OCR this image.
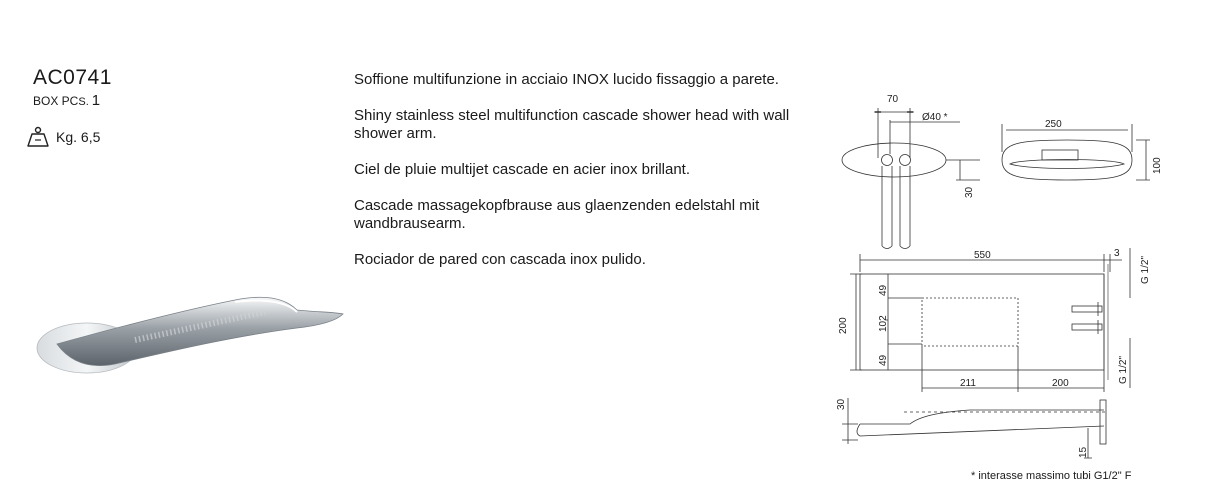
AC0741
BOX PCS. 1
Kg. 6,5

Soffione multifunzione in acciaio INOX lucido fissaggio a parete.

Shiny stainless steel multifunction cascade shower head with wall shower arm.

Ciel de pluie multijet cascade en acier inox brillant.

Cascade massagekopfbrause aus glaenzenden edelstahl mit wandbrausearm.

Rociador de pared con cascada inox pulido.

70
Ø40 *
30
250
100
550	3
G 1/2"
200
49
102
49	G 1/2"
211	200
30
15
* interasse massimo tubi G1/2" F
